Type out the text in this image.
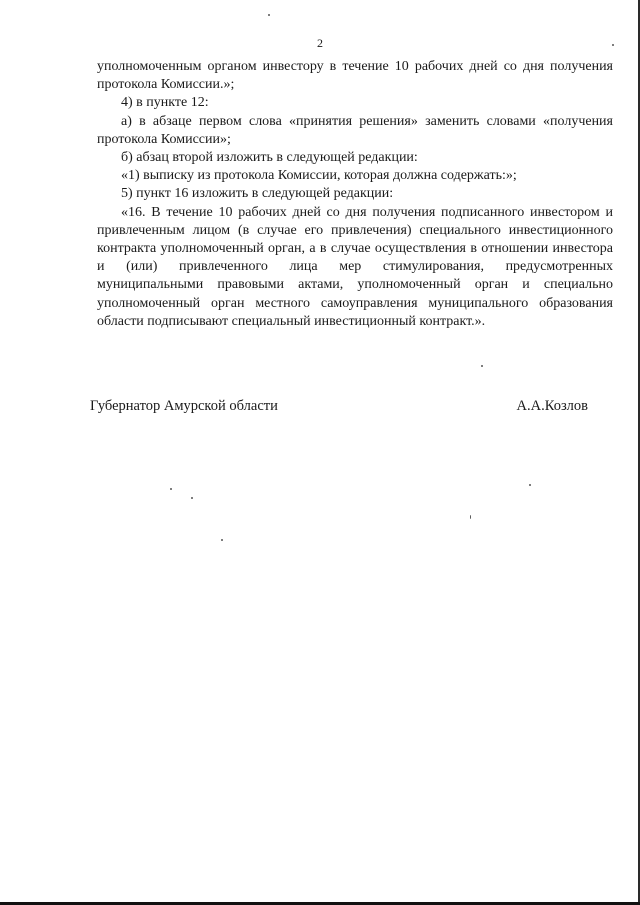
2

уполномоченным органом инвестору в течение 10 рабочих дней со дня получения протокола Комиссии.»;

4) в пункте 12:

а) в абзаце первом слова «принятия решения» заменить словами «получения протокола Комиссии»;

б) абзац второй изложить в следующей редакции:

«1) выписку из протокола Комиссии, которая должна содержать:»;

5) пункт 16 изложить в следующей редакции:

«16. В течение 10 рабочих дней со дня получения подписанного инвестором и привлеченным лицом (в случае его привлечения) специального инвестиционного контракта уполномоченный орган, а в случае осуществления в отношении инвестора и (или) привлеченного лица мер стимулирования, предусмотренных муниципальными правовыми актами, уполномоченный орган и специально уполномоченный орган местного самоуправления муниципального образования области подписывают специальный инвестиционный контракт.».

Губернатор Амурской области	А.А.Козлов
